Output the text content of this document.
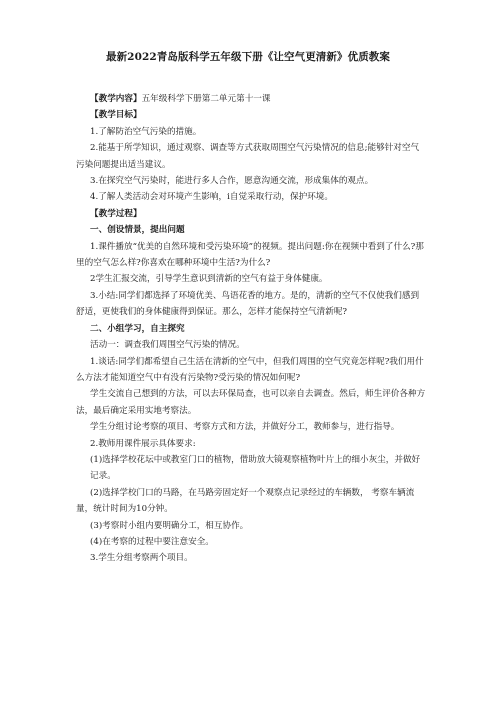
最新2022青岛版科学五年级下册《让空气更清新》优质教案

【教学内容】五年级科学下册第二单元第十一课

【教学目标】

1.了解防治空气污染的措施。

2.能基于所学知识，通过观察、调查等方式获取周围空气污染情况的信息;能够针对空气污染问题提出适当建议。

3.在探究空气污染时，能进行多人合作，愿意沟通交流，形成集体的观点。

4.了解人类活动会对环境产生影响，i自觉采取行动，保护环境。

【教学过程】

一、创设情景，提出问题

1.课件播放“优美的自然环境和受污染环境”的视频。提出问题:你在视频中看到了什么?那里的空气怎么样?你喜欢在哪种环境中生活?为什么?

2学生汇报交流，引导学生意识到清新的空气有益于身体健康。

3.小结:同学们都选择了环境优美、鸟语花香的地方。是的，清新的空气不仅使我们感到舒适，更使我们的身体健康得到保证。那么，怎样才能保持空气清新呢?

二、小组学习，自主探究

活动一：调查我们周围空气污染的情况。

1.谈话:同学们都希望自己生活在清新的空气中，但我们周围的空气究竟怎样呢?我们用什么方法才能知道空气中有没有污染物?受污染的情况如何呢?

学生交流自己想到的方法，可以去环保局查，也可以亲自去调查。然后，师生评价各种方法，最后确定采用实地考察法。

学生分组讨论考察的项目、考察方式和方法，并做好分工，教师参与，进行指导。

2.教师用课件展示具体要求:

(1)选择学校花坛中或教室门口的植物，借助放大镜观察植物叶片上的细小灰尘，并做好记录。

(2)选择学校门口的马路，在马路旁固定好一个观察点记录经过的车辆数， 考察车辆流量，统计时间为10分钟。

(3)考察时小组内要明确分工，相互协作。

(4)在考察的过程中要注意安全。

3.学生分组考察两个项目。
